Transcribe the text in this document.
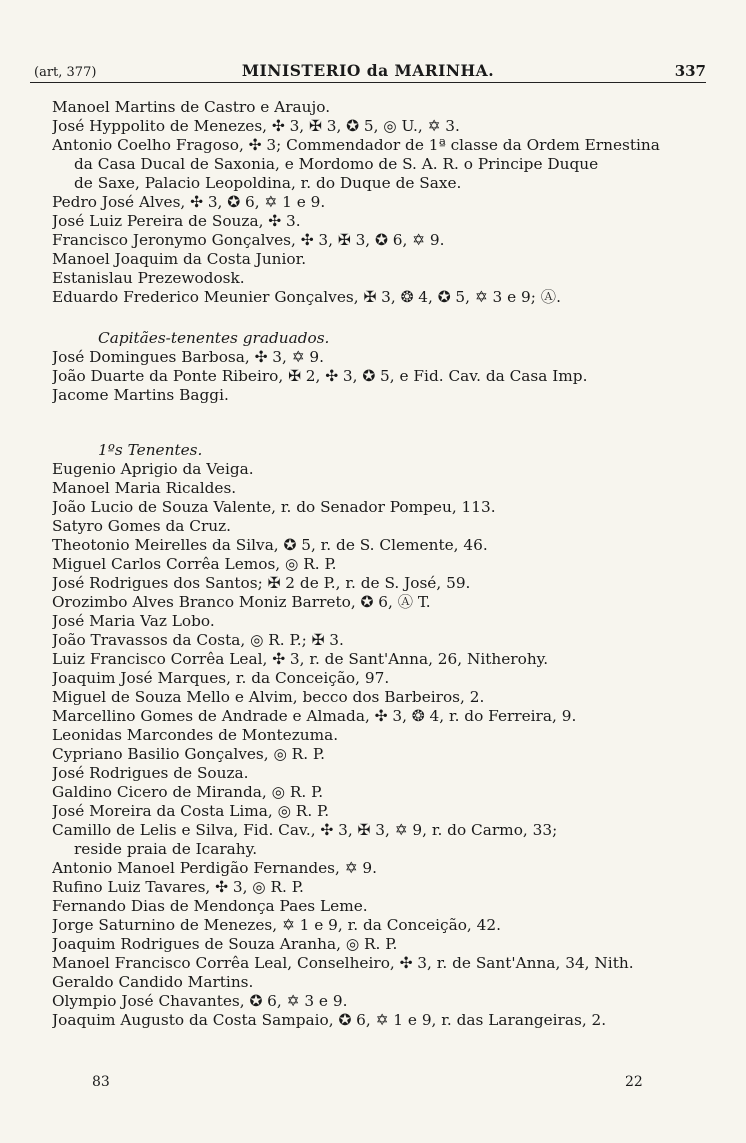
(art, 377)	MINISTERIO da MARINHA.	337
Manoel Martins de Castro e Araujo.
José Hyppolito de Menezes, ✣ 3, ✠ 3, ✪ 5, ◎ U., ✡ 3.
Antonio Coelho Fragoso, ✣ 3; Commendador de 1ª classe da Ordem Ernestina
da Casa Ducal de Saxonia, e Mordomo de S. A. R. o Principe Duque
de Saxe, Palacio Leopoldina, r. do Duque de Saxe.
Pedro José Alves, ✣ 3, ✪ 6, ✡ 1 e 9.
José Luiz Pereira de Souza, ✣ 3.
Francisco Jeronymo Gonçalves, ✣ 3, ✠ 3, ✪ 6, ✡ 9.
Manoel Joaquim da Costa Junior.
Estanislau Prezewodosk.
Eduardo Frederico Meunier Gonçalves, ✠ 3, ❂ 4, ✪ 5, ✡ 3 e 9; Ⓐ.
Capitães-tenentes graduados.
José Domingues Barbosa, ✣ 3, ✡ 9.
João Duarte da Ponte Ribeiro, ✠ 2, ✣ 3, ✪ 5, e Fid. Cav. da Casa Imp.
Jacome Martins Baggi.
1ºs Tenentes.
Eugenio Aprigio da Veiga.
Manoel Maria Ricaldes.
João Lucio de Souza Valente, r. do Senador Pompeu, 113.
Satyro Gomes da Cruz.
Theotonio Meirelles da Silva, ✪ 5, r. de S. Clemente, 46.
Miguel Carlos Corrêa Lemos, ◎ R. P.
José Rodrigues dos Santos; ✠ 2 de P., r. de S. José, 59.
Orozimbo Alves Branco Moniz Barreto, ✪ 6, Ⓐ T.
José Maria Vaz Lobo.
João Travassos da Costa, ◎ R. P.; ✠ 3.
Luiz Francisco Corrêa Leal, ✣ 3, r. de Sant'Anna, 26, Nitherohy.
Joaquim José Marques, r. da Conceição, 97.
Miguel de Souza Mello e Alvim, becco dos Barbeiros, 2.
Marcellino Gomes de Andrade e Almada, ✣ 3, ❂ 4, r. do Ferreira, 9.
Leonidas Marcondes de Montezuma.
Cypriano Basilio Gonçalves, ◎ R. P.
José Rodrigues de Souza.
Galdino Cicero de Miranda, ◎ R. P.
José Moreira da Costa Lima, ◎ R. P.
Camillo de Lelis e Silva, Fid. Cav., ✣ 3, ✠ 3, ✡ 9, r. do Carmo, 33;
reside praia de Icarahy.
Antonio Manoel Perdigão Fernandes, ✡ 9.
Rufino Luiz Tavares, ✣ 3, ◎ R. P.
Fernando Dias de Mendonça Paes Leme.
Jorge Saturnino de Menezes, ✡ 1 e 9, r. da Conceição, 42.
Joaquim Rodrigues de Souza Aranha, ◎ R. P.
Manoel Francisco Corrêa Leal, Conselheiro, ✣ 3, r. de Sant'Anna, 34, Nith.
Geraldo Candido Martins.
Olympio José Chavantes, ✪ 6, ✡ 3 e 9.
Joaquim Augusto da Costa Sampaio, ✪ 6, ✡ 1 e 9, r. das Larangeiras, 2.
83	22
